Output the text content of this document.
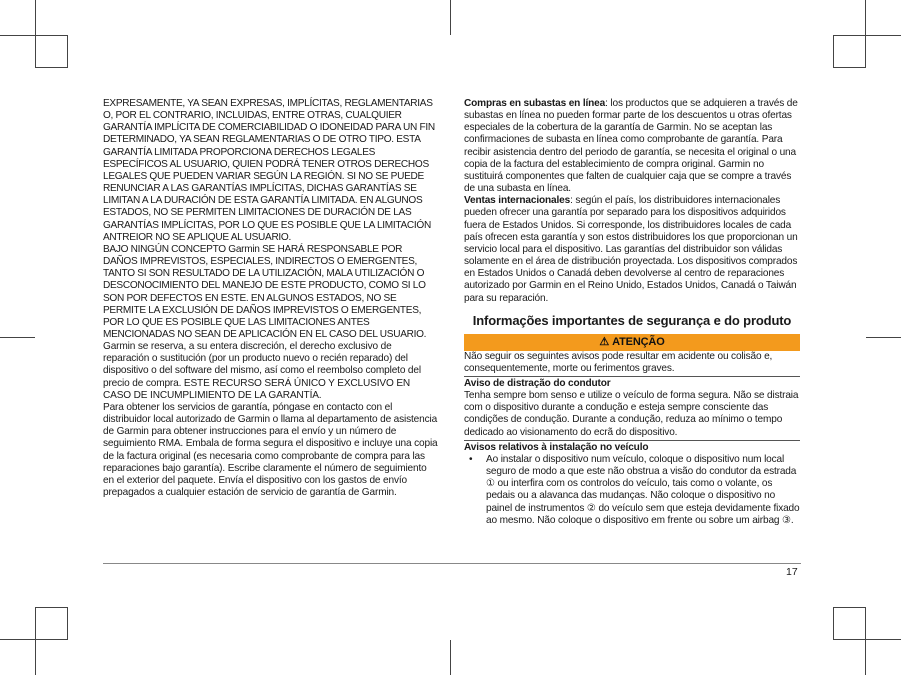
EXPRESAMENTE, YA SEAN EXPRESAS, IMPLÍCITAS, REGLAMENTARIAS O, POR EL CONTRARIO, INCLUIDAS, ENTRE OTRAS, CUALQUIER GARANTÍA IMPLÍCITA DE COMERCIABILIDAD O IDONEIDAD PARA UN FIN DETERMINADO, YA SEAN REGLAMENTARIAS O DE OTRO TIPO. ESTA GARANTÍA LIMITADA PROPORCIONA DERECHOS LEGALES ESPECÍFICOS AL USUARIO, QUIEN PODRÁ TENER OTROS DERECHOS LEGALES QUE PUEDEN VARIAR SEGÚN LA REGIÓN. SI NO SE PUEDE RENUNCIAR A LAS GARANTÍAS IMPLÍCITAS, DICHAS GARANTÍAS SE LIMITAN A LA DURACIÓN DE ESTA GARANTÍA LIMITADA. EN ALGUNOS ESTADOS, NO SE PERMITEN LIMITACIONES DE DURACIÓN DE LAS GARANTÍAS IMPLÍCITAS, POR LO QUE ES POSIBLE QUE LA LIMITACIÓN ANTREIOR NO SE APLIQUE AL USUARIO.

BAJO NINGÚN CONCEPTO Garmin SE HARÁ RESPONSABLE POR DAÑOS IMPREVISTOS, ESPECIALES, INDIRECTOS O EMERGENTES, TANTO SI SON RESULTADO DE LA UTILIZACIÓN, MALA UTILIZACIÓN O DESCONOCIMIENTO DEL MANEJO DE ESTE PRODUCTO, COMO SI LO SON POR DEFECTOS EN ESTE. EN ALGUNOS ESTADOS, NO SE PERMITE LA EXCLUSIÓN DE DAÑOS IMPREVISTOS O EMERGENTES, POR LO QUE ES POSIBLE QUE LAS LIMITACIONES ANTES MENCIONADAS NO SEAN DE APLICACIÓN EN EL CASO DEL USUARIO.

Garmin se reserva, a su entera discreción, el derecho exclusivo de reparación o sustitución (por un producto nuevo o recién reparado) del dispositivo o del software del mismo, así como el reembolso completo del precio de compra. ESTE RECURSO SERÁ ÚNICO Y EXCLUSIVO EN CASO DE INCUMPLIMIENTO DE LA GARANTÍA.

Para obtener los servicios de garantía, póngase en contacto con el distribuidor local autorizado de Garmin o llama al departamento de asistencia de Garmin para obtener instrucciones para el envío y un número de seguimiento RMA. Embala de forma segura el dispositivo e incluye una copia de la factura original (es necesaria como comprobante de compra para las reparaciones bajo garantía). Escribe claramente el número de seguimiento en el exterior del paquete. Envía el dispositivo con los gastos de envío prepagados a cualquier estación de servicio de garantía de Garmin.

Compras en subastas en línea: los productos que se adquieren a través de subastas en línea no pueden formar parte de los descuentos u otras ofertas especiales de la cobertura de la garantía de Garmin. No se aceptan las confirmaciones de subasta en línea como comprobante de garantía. Para recibir asistencia dentro del periodo de garantía, se necesita el original o una copia de la factura del establecimiento de compra original. Garmin no sustituirá componentes que falten de cualquier caja que se compre a través de una subasta en línea.

Ventas internacionales: según el país, los distribuidores internacionales pueden ofrecer una garantía por separado para los dispositivos adquiridos fuera de Estados Unidos. Si corresponde, los distribuidores locales de cada país ofrecen esta garantía y son estos distribuidores los que proporcionan un servicio local para el dispositivo. Las garantías del distribuidor son válidas solamente en el área de distribución proyectada. Los dispositivos comprados en Estados Unidos o Canadá deben devolverse al centro de reparaciones autorizado por Garmin en el Reino Unido, Estados Unidos, Canadá o Taiwán para su reparación.

Informações importantes de segurança e do produto
⚠ ATENÇÃO

Não seguir os seguintes avisos pode resultar em acidente ou colisão e, consequentemente, morte ou ferimentos graves.

Aviso de distração do condutor

Tenha sempre bom senso e utilize o veículo de forma segura. Não se distraia com o dispositivo durante a condução e esteja sempre consciente das condições de condução. Durante a condução, reduza ao mínimo o tempo dedicado ao visionamento do ecrã do dispositivo.

Avisos relativos à instalação no veículo

• Ao instalar o dispositivo num veículo, coloque o dispositivo num local seguro de modo a que este não obstrua a visão do condutor da estrada ① ou interfira com os controlos do veículo, tais como o volante, os pedais ou a alavanca das mudanças. Não coloque o dispositivo no painel de instrumentos ② do veículo sem que esteja devidamente fixado ao mesmo. Não coloque o dispositivo em frente ou sobre um airbag ③.

17
